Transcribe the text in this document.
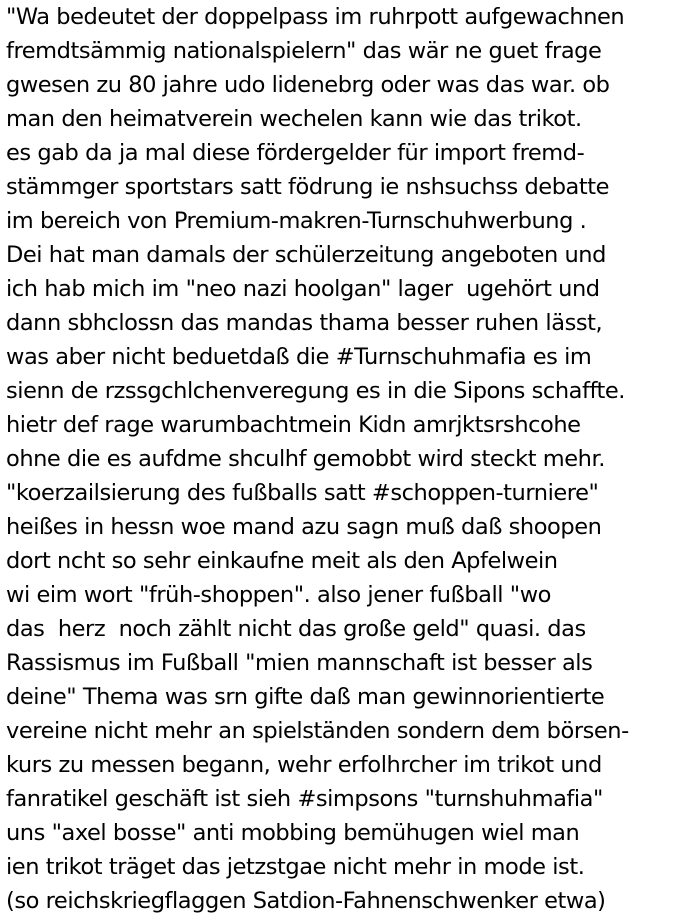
"Wa bedeutet der doppelpass im ruhrpott aufgewachnen
fremdtsämmig nationalspielern" das wär ne guet frage
gwesen zu 80 jahre udo lidenebrg oder was das war. ob
man den heimatverein wechelen kann wie das trikot.
es gab da ja mal diese fördergelder für import fremd-
stämmger sportstars satt födrung ie nshsuchss debatte
im bereich von Premium-makren-Turnschuhwerbung .
Dei hat man damals der schülerzeitung angeboten und
ich hab mich im "neo nazi hoolgan" lager  ugehört und
dann sbhclossn das mandas thama besser ruhen lässt,
was aber nicht beduetdaß die #Turnschuhmafia es im
sienn de rzssgchlchenveregung es in die Sipons schaffte.
hietr def rage warumbachtmein Kidn amrjktsrshcohe
ohne die es aufdme shculhf gemobbt wird steckt mehr.
"koerzailsierung des fußballs satt #schoppen-turniere"
heißes in hessn woe mand azu sagn muß daß shoopen
dort ncht so sehr einkaufne meit als den Apfelwein
wi eim wort "früh-shoppen". also jener fußball "wo
das  herz  noch zählt nicht das große geld" quasi. das
Rassismus im Fußball "mien mannschaft ist besser als
deine" Thema was srn gifte daß man gewinnorientierte
vereine nicht mehr an spielständen sondern dem börsen-
kurs zu messen begann, wehr erfolhrcher im trikot und
fanratikel geschäft ist sieh #simpsons "turnshuhmafia"
uns "axel bosse" anti mobbing bemühugen wiel man
ien trikot träget das jetzstgae nicht mehr in mode ist.
(so reichskriegflaggen Satdion-Fahnenschwenker etwa)
